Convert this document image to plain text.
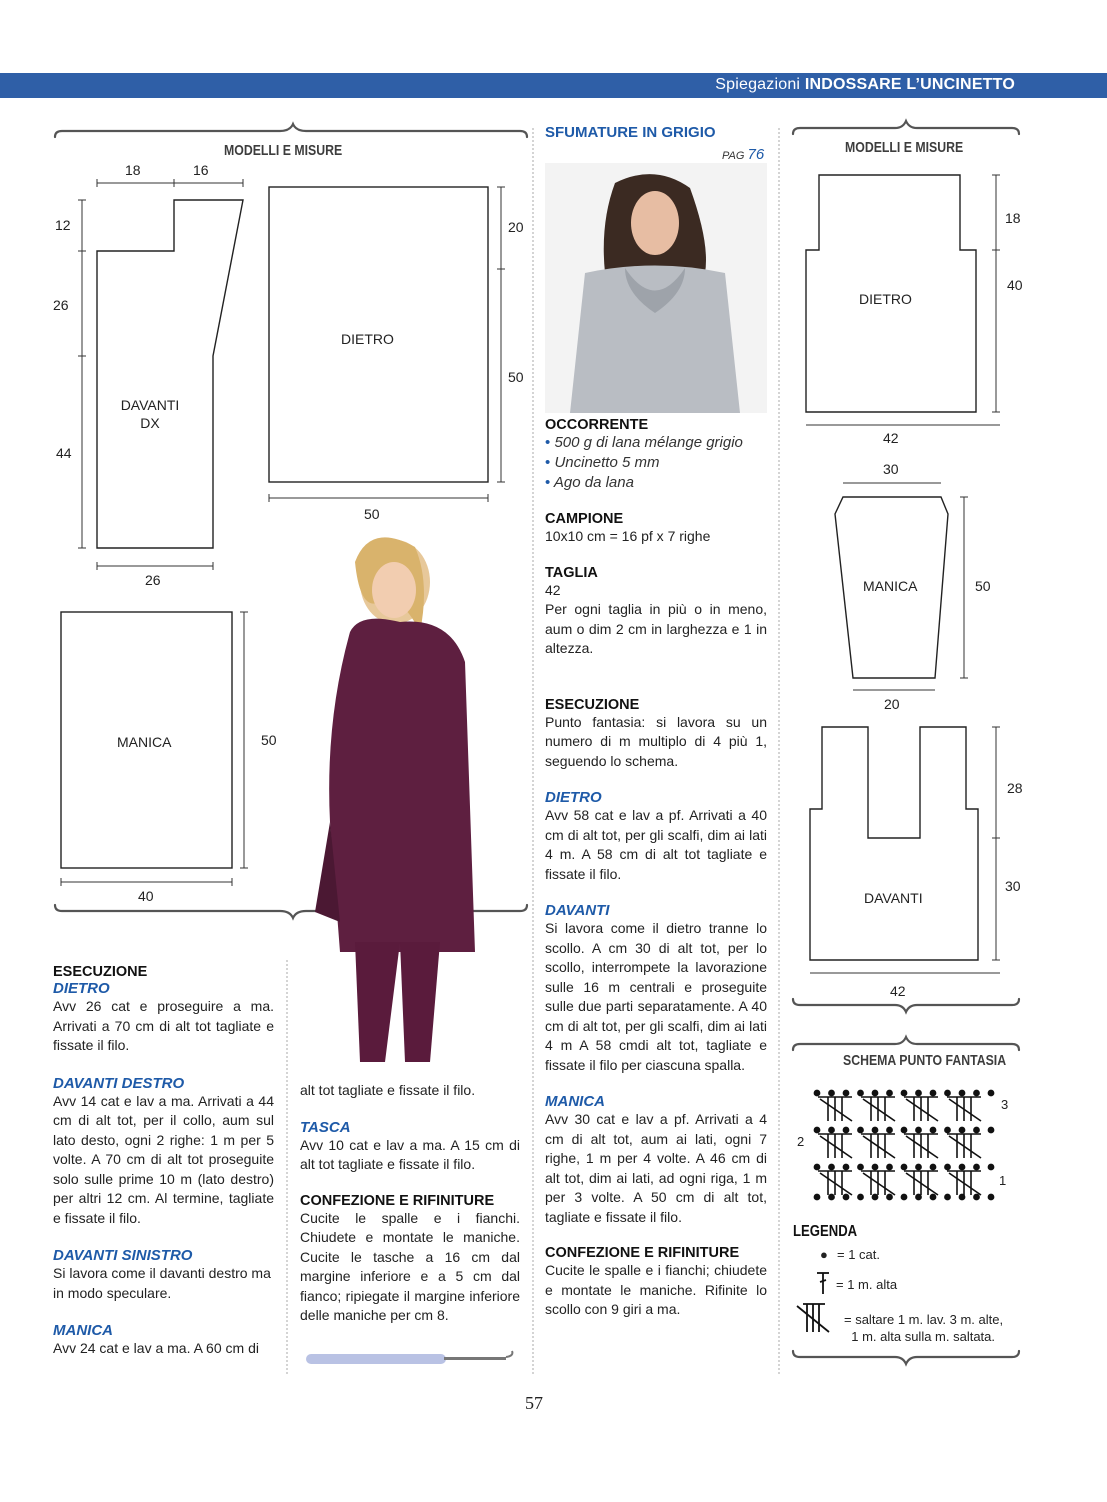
Spiegazioni INDOSSARE L’UNCINETTO
MODELLI E MISURE
18	16
12
26
44
DAVANTI
DX
26
DIETRO
20
50
50
MANICA	50
40
MODELLI E MISURE
DIETRO
18
40
42
30
MANICA	50
20
28
30
DAVANTI
42
SCHEMA PUNTO FANTASIA
3
2
1
LEGENDA
● = 1 cat.
= 1 m. alta
= saltare 1 m. lav. 3 m. alte,
1 m. alta sulla m. saltata.
ESECUZIONE
DIETRO
Avv 26 cat e proseguire a ma. Arrivati a 70 cm di alt tot tagliate e fissate il filo.
DAVANTI DESTRO
Avv 14 cat e lav a ma. Arrivati a 44 cm di alt tot, per il collo, aum sul lato desto, ogni 2 righe: 1 m per 5 volte. A 70 cm di alt tot proseguite solo sulle prime 10 m (lato destro) per altri 12 cm. Al termine, tagliate e fissate il filo.
DAVANTI SINISTRO
Si lavora come il davanti destro ma in modo speculare.
MANICA
Avv 24 cat e lav a ma. A 60 cm di
alt tot tagliate e fissate il filo.
TASCA
Avv 10 cat e lav a ma. A 15 cm di alt tot tagliate e fissate il filo.
CONFEZIONE E RIFINITURE
Cucite le spalle e i fianchi. Chiudete e montate le maniche. Cucite le tasche a 16 cm dal margine inferiore e a 5 cm dal fianco; ripiegate il margine inferiore delle maniche per cm 8.
SFUMATURE IN GRIGIO
PAG 76
OCCORRENTE
• 500 g di lana mélange grigio
• Uncinetto 5 mm
• Ago da lana
CAMPIONE
10x10 cm = 16 pf x 7 righe
TAGLIA
42
Per ogni taglia in più o in meno, aum o dim 2 cm in larghezza e 1 in altezza.
ESECUZIONE
Punto fantasia: si lavora su un numero di m multiplo di 4 più 1, seguendo lo schema.
DIETRO
Avv 58 cat e lav a pf. Arrivati a 40 cm di alt tot, per gli scalfi, dim ai lati 4 m. A 58 cm di alt tot tagliate e fissate il filo.
DAVANTI
Si lavora come il dietro tranne lo scollo. A cm 30 di alt tot, per lo scollo, interrompete la lavorazione sulle 16 m centrali e proseguite sulle due parti separatamente. A 40 cm di alt tot, per gli scalfi, dim ai lati 4 m A 58 cmdi alt tot, tagliate e fissate il filo per ciascuna spalla.
MANICA
Avv 30 cat e lav a pf. Arrivati a 4 cm di alt tot, aum ai lati, ogni 7 righe, 1 m per 4 volte. A 46 cm di alt tot, dim ai lati, ad ogni riga, 1 m per 3 volte. A 50 cm di alt tot, tagliate e fissate il filo.
CONFEZIONE E RIFINITURE
Cucite le spalle e i fianchi; chiudete e montate le maniche. Rifinite lo scollo con 9 giri a ma.
57
